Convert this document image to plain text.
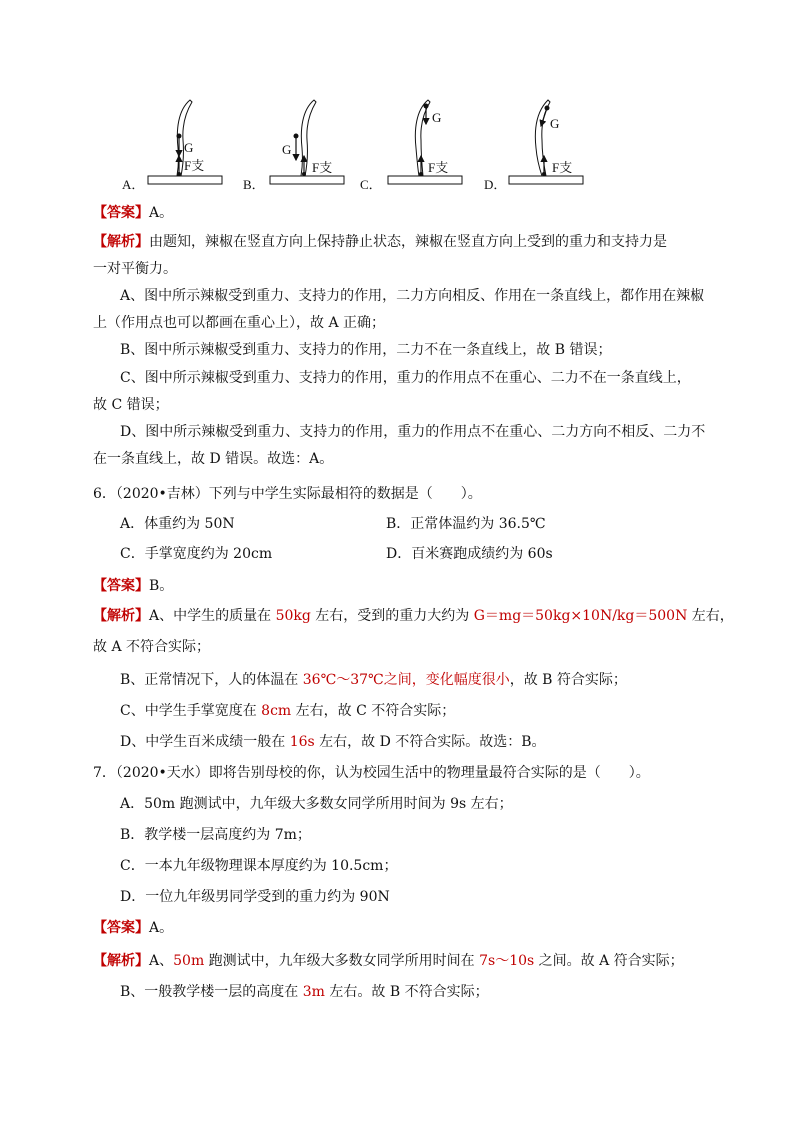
A．
G
F支
B．
G
F支
C．
G
F支
D．
G
F支
【答案】A。
【解析】由题知，辣椒在竖直方向上保持静止状态，辣椒在竖直方向上受到的重力和支持力是
一对平衡力。
A、图中所示辣椒受到重力、支持力的作用，二力方向相反、作用在一条直线上，都作用在辣椒
上（作用点也可以都画在重心上），故 A 正确；
B、图中所示辣椒受到重力、支持力的作用，二力不在一条直线上，故 B 错误；
C、图中所示辣椒受到重力、支持力的作用，重力的作用点不在重心、二力不在一条直线上，
故 C 错误；
D、图中所示辣椒受到重力、支持力的作用，重力的作用点不在重心、二力方向不相反、二力不
在一条直线上，故 D 错误。故选：A。
6．（2020•吉林）下列与中学生实际最相符的数据是（　　）。
A．体重约为 50N	B．正常体温约为 36.5℃
C．手掌宽度约为 20cm	D．百米赛跑成绩约为 60s
【答案】B。
【解析】A、中学生的质量在 50kg 左右，受到的重力大约为 G＝mg＝50kg×10N/kg＝500N 左右，
故 A 不符合实际；
B、正常情况下，人的体温在 36℃～37℃之间，变化幅度很小，故 B 符合实际；
C、中学生手掌宽度在 8cm 左右，故 C 不符合实际；
D、中学生百米成绩一般在 16s 左右，故 D 不符合实际。故选：B。
7．（2020•天水）即将告别母校的你，认为校园生活中的物理量最符合实际的是（　　）。
A．50m 跑测试中，九年级大多数女同学所用时间为 9s 左右；
B．教学楼一层高度约为 7m；
C．一本九年级物理课本厚度约为 10.5cm；
D．一位九年级男同学受到的重力约为 90N
【答案】A。
【解析】A、50m 跑测试中，九年级大多数女同学所用时间在 7s～10s 之间。故 A 符合实际；
B、一般教学楼一层的高度在 3m 左右。故 B 不符合实际；
